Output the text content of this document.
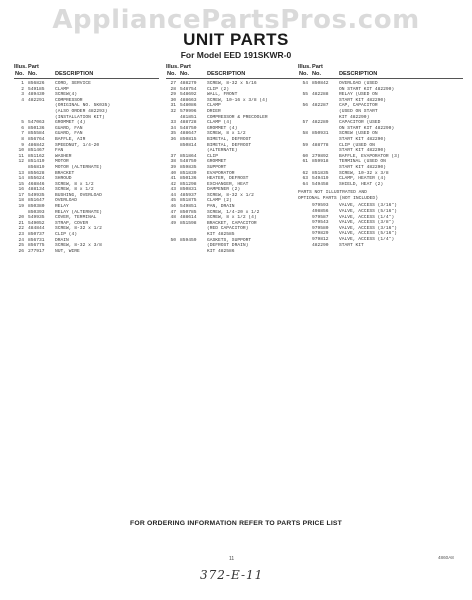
AppliancePartsPros.com
UNIT PARTS
For Model EED 191SKWR-0
Illus.
No.
Part
No.	DESCRIPTION
1 856826	CORD, SERVICE
2 549185	CLAMP
3 489430	SCREW(4)
4 482291	COMPRESSOR
(ORIGINAL NO. 5K035)
(ALSO ORDER 482293)
(INSTALLATION KIT)
5 547063	GROMMET (4)
6 850136	GUARD, FAN
7 855584	GUARD, FAN
8 856764	BAFFLE, AIR
9 486842	SPEEDNUT, 1/4-20
10 851467	FAN
11 851162	WASHER
12 851419	MOTOR
856819	MOTOR (ALTERNATE)
13 855628	BRACKET
14 855624	SHROUD
15 468846	SCREW, 8 x 1/2
16 488134	SCREW, 8 x 1/2
17 549935	BUSHING, OVERLOAD
18 851647	OVERLOAD
19 850380	RELAY
850393	RELAY (ALTERNATE)
20 549935	COVER, TERMINAL
21 549052	STRAP, COVER
22 484844	SCREW, 8-32 x 1/2
23 850737	CLIP (4)
24 856731	DRAIN
25 856775	SCREW, 8-32 x 3/8
26 277917	NUT, WIRE
Illus.
No.
Part
No.	DESCRIPTION
27 488279	SCREW, 8-32 x 5/16
28 548754	CLIP (2)
29 548692	WALL, FRONT
30 488663	SCREW, 10-16 x 3/8 (4)
31 548086	CLAMP
32 579996	DRIER
481851	COMPRESSOR & PRECOOLER
33 488728	CLAMP (4)
34 548750	GROMMET (4)
35 488647	SCREW, 8 x 1/2
36 850815	BIMETAL, DEFROST
850814	BIMETAL, DEFROST
(ALTERNATE)
37 851864	CLIP
38 548759	GROMMET
39 859835	SUPPORT
40 851839	EVAPORATOR
41 850136	HEATER, DEFROST
42 851298	EXCHANGER, HEAT
43 850831	DAMPENER (2)
44 485937	SCREW, 8-32 x 1/2
45 851875	CLAMP (2)
46 549851	PAN, DRAIN
47 850785	SCREW, 1/4-20 x 1/2
48 488614	SCREW, 8 x 1/2 (4)
49 851598	BRACKET, CAPACITOR
(RED CAPACITOR)
KIT 482585
50 859459	GASKETS, SUPPORT
(DEFROST DRAIN)
KIT 482586
Illus.
No.
Part
No.	DESCRIPTION
54 850842	OVERLOAD (USED
ON START KIT 482290)
55 482288	RELAY (USED ON
START KIT 482290)
56 482287	CAP, CAPACITOR
(USED ON START
KIT 482290)
57 482289	CAPACITOR (USED
ON START KIT 482290)
58 850931	SCREW (USED ON
START KIT 482290)
59 488778	CLIP (USED ON
START KIT 482290)
60 279892	BAFFLE, EVAPORATOR (3)
61 859918	TERMINAL (USED ON
START KIT 482290)
62 851835	SCREW, 10-32 x 3/8
63 549419	CLAMP, HEATER (4)
64 549458	SHIELD, HEAT (2)
PARTS NOT ILLUSTRATED AND
OPTIONAL PARTS (NOT INCLUDED)
979593	VALVE, ACCESS (3/16")
498856	VALVE, ACCESS (5/16")
979587	VALVE, ACCESS (1/4")
979543	VALVE, ACCESS (3/8")
979580	VALVE, ACCESS (3/16")
979829	VALVE, ACCESS (5/16")
979812	VALVE, ACCESS (1/4")
482290	START KIT
FOR ORDERING INFORMATION REFER TO PARTS PRICE LIST
11	4860A8
372-E-11
